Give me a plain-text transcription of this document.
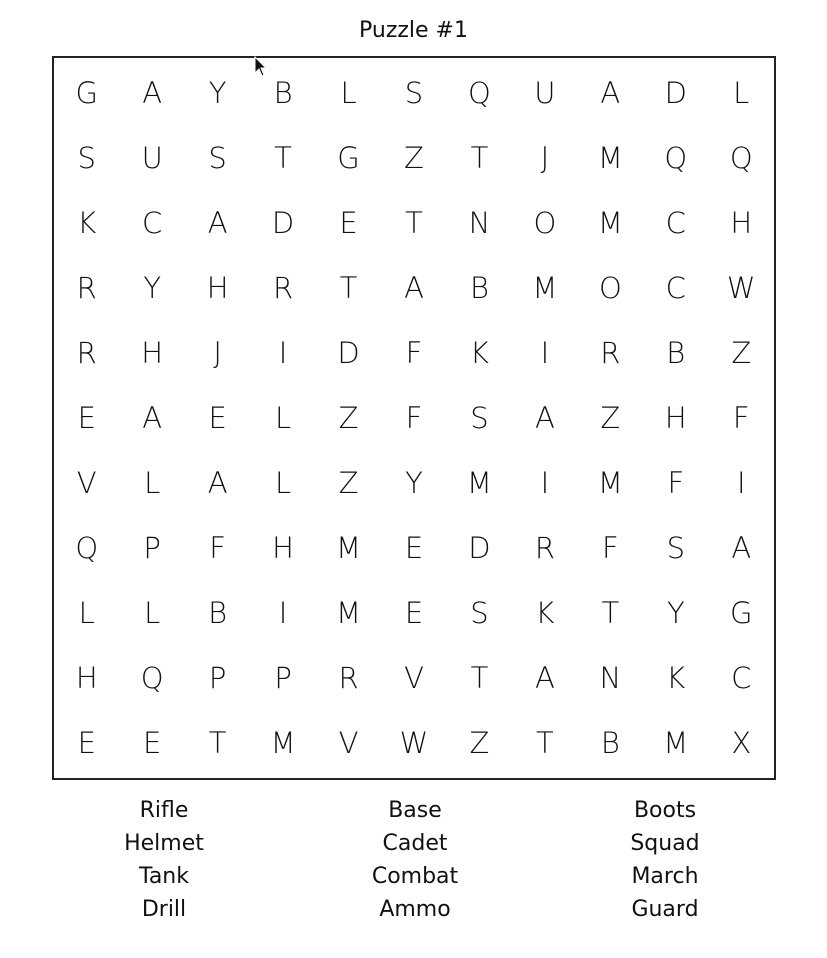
Puzzle #1
G	A	Y	B	L	S	Q	U	A	D	L
S	U	S	T	G	Z	T	J	M	Q	Q
K	C	A	D	E	T	N	O	M	C	H
R	Y	H	R	T	A	B	M	O	C	W
R	H	J	I	D	F	K	I	R	B	Z
E	A	E	L	Z	F	S	A	Z	H	F
V	L	A	L	Z	Y	M	I	M	F	I
Q	P	F	H	M	E	D	R	F	S	A
L	L	B	I	M	E	S	K	T	Y	G
H	Q	P	P	R	V	T	A	N	K	C
E	E	T	M	V	W	Z	T	B	M	X
Rifle
Helmet
Tank
Drill
Base
Cadet
Combat
Ammo
Boots
Squad
March
Guard
